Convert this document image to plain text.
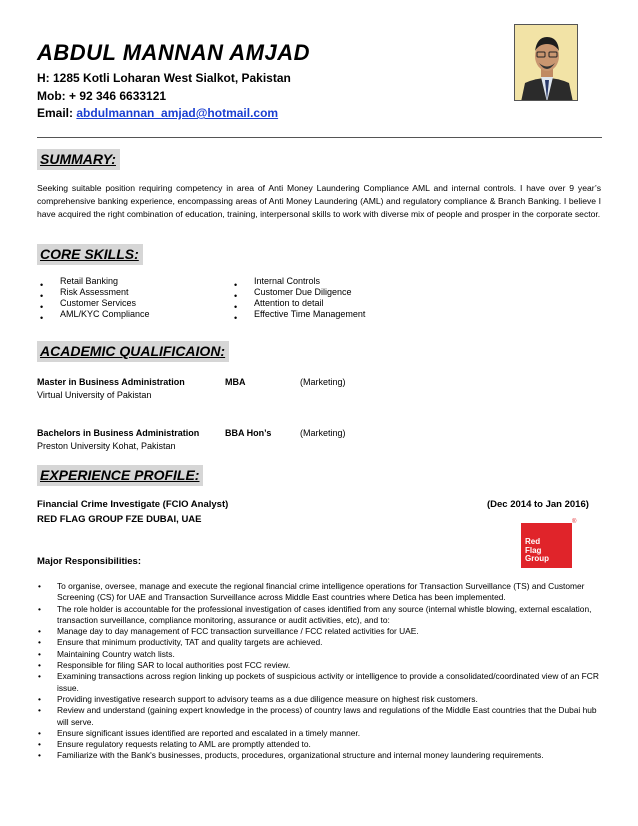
ABDUL MANNAN AMJAD
H: 1285 Kotli Loharan West Sialkot, Pakistan
Mob: + 92 346 6633121
Email: abdulmannan_amjad@hotmail.com
SUMMARY:
Seeking suitable position requiring competency in area of Anti Money Laundering Compliance AML and internal controls. I have over 9 year’s comprehensive banking experience, encompassing areas of Anti Money Laundering (AML) and regulatory compliance & Branch Banking. I believe I have acquired the right combination of education, training, interpersonal skills to work with diverse mix of people and prosper in the corporate sector.
CORE SKILLS:
• Retail Banking
• Risk Assessment
• Customer Services
• AML/KYC Compliance
• Internal Controls
• Customer Due Diligence
• Attention to detail
• Effective Time Management
ACADEMIC QUALIFICAION:
Master in Business Administration	MBA	(Marketing)
Virtual University of Pakistan
Bachelors in Business Administration	BBA Hon’s	(Marketing)
Preston University Kohat, Pakistan
EXPERIENCE PROFILE:
Financial Crime Investigate (FCIO Analyst)	(Dec 2014 to Jan 2016)
RED FLAG GROUP FZE DUBAI, UAE
Red
Flag
Group
®
Major Responsibilities:
• To organise, oversee, manage and execute the regional financial crime intelligence operations for Transaction Surveillance (TS) and Customer Screening (CS) for UAE and Transaction Surveillance across Middle East countries where Detica has been implemented.
• The role holder is accountable for the professional investigation of cases identified from any source (internal whistle blowing, external escalation, transaction surveillance, compliance monitoring, assurance or audit activities, etc), and to:
• Manage day to day management of FCC transaction surveillance / FCC related activities for UAE.
• Ensure that minimum productivity, TAT and quality targets are achieved.
• Maintaining Country watch lists.
• Responsible for filing SAR to local authorities post FCC review.
• Examining transactions across region linking up pockets of suspicious activity or intelligence to provide a consolidated/coordinated view of an FCR issue.
• Providing investigative research support to advisory teams as a due diligence measure on highest risk customers.
• Review and understand (gaining expert knowledge in the process) of country laws and regulations of the Middle East countries that the Dubai hub will serve.
• Ensure significant issues identified are reported and escalated in a timely manner.
• Ensure regulatory requests relating to AML are promptly attended to.
• Familiarize with the Bank's businesses, products, procedures, organizational structure and internal money laundering requirements.
